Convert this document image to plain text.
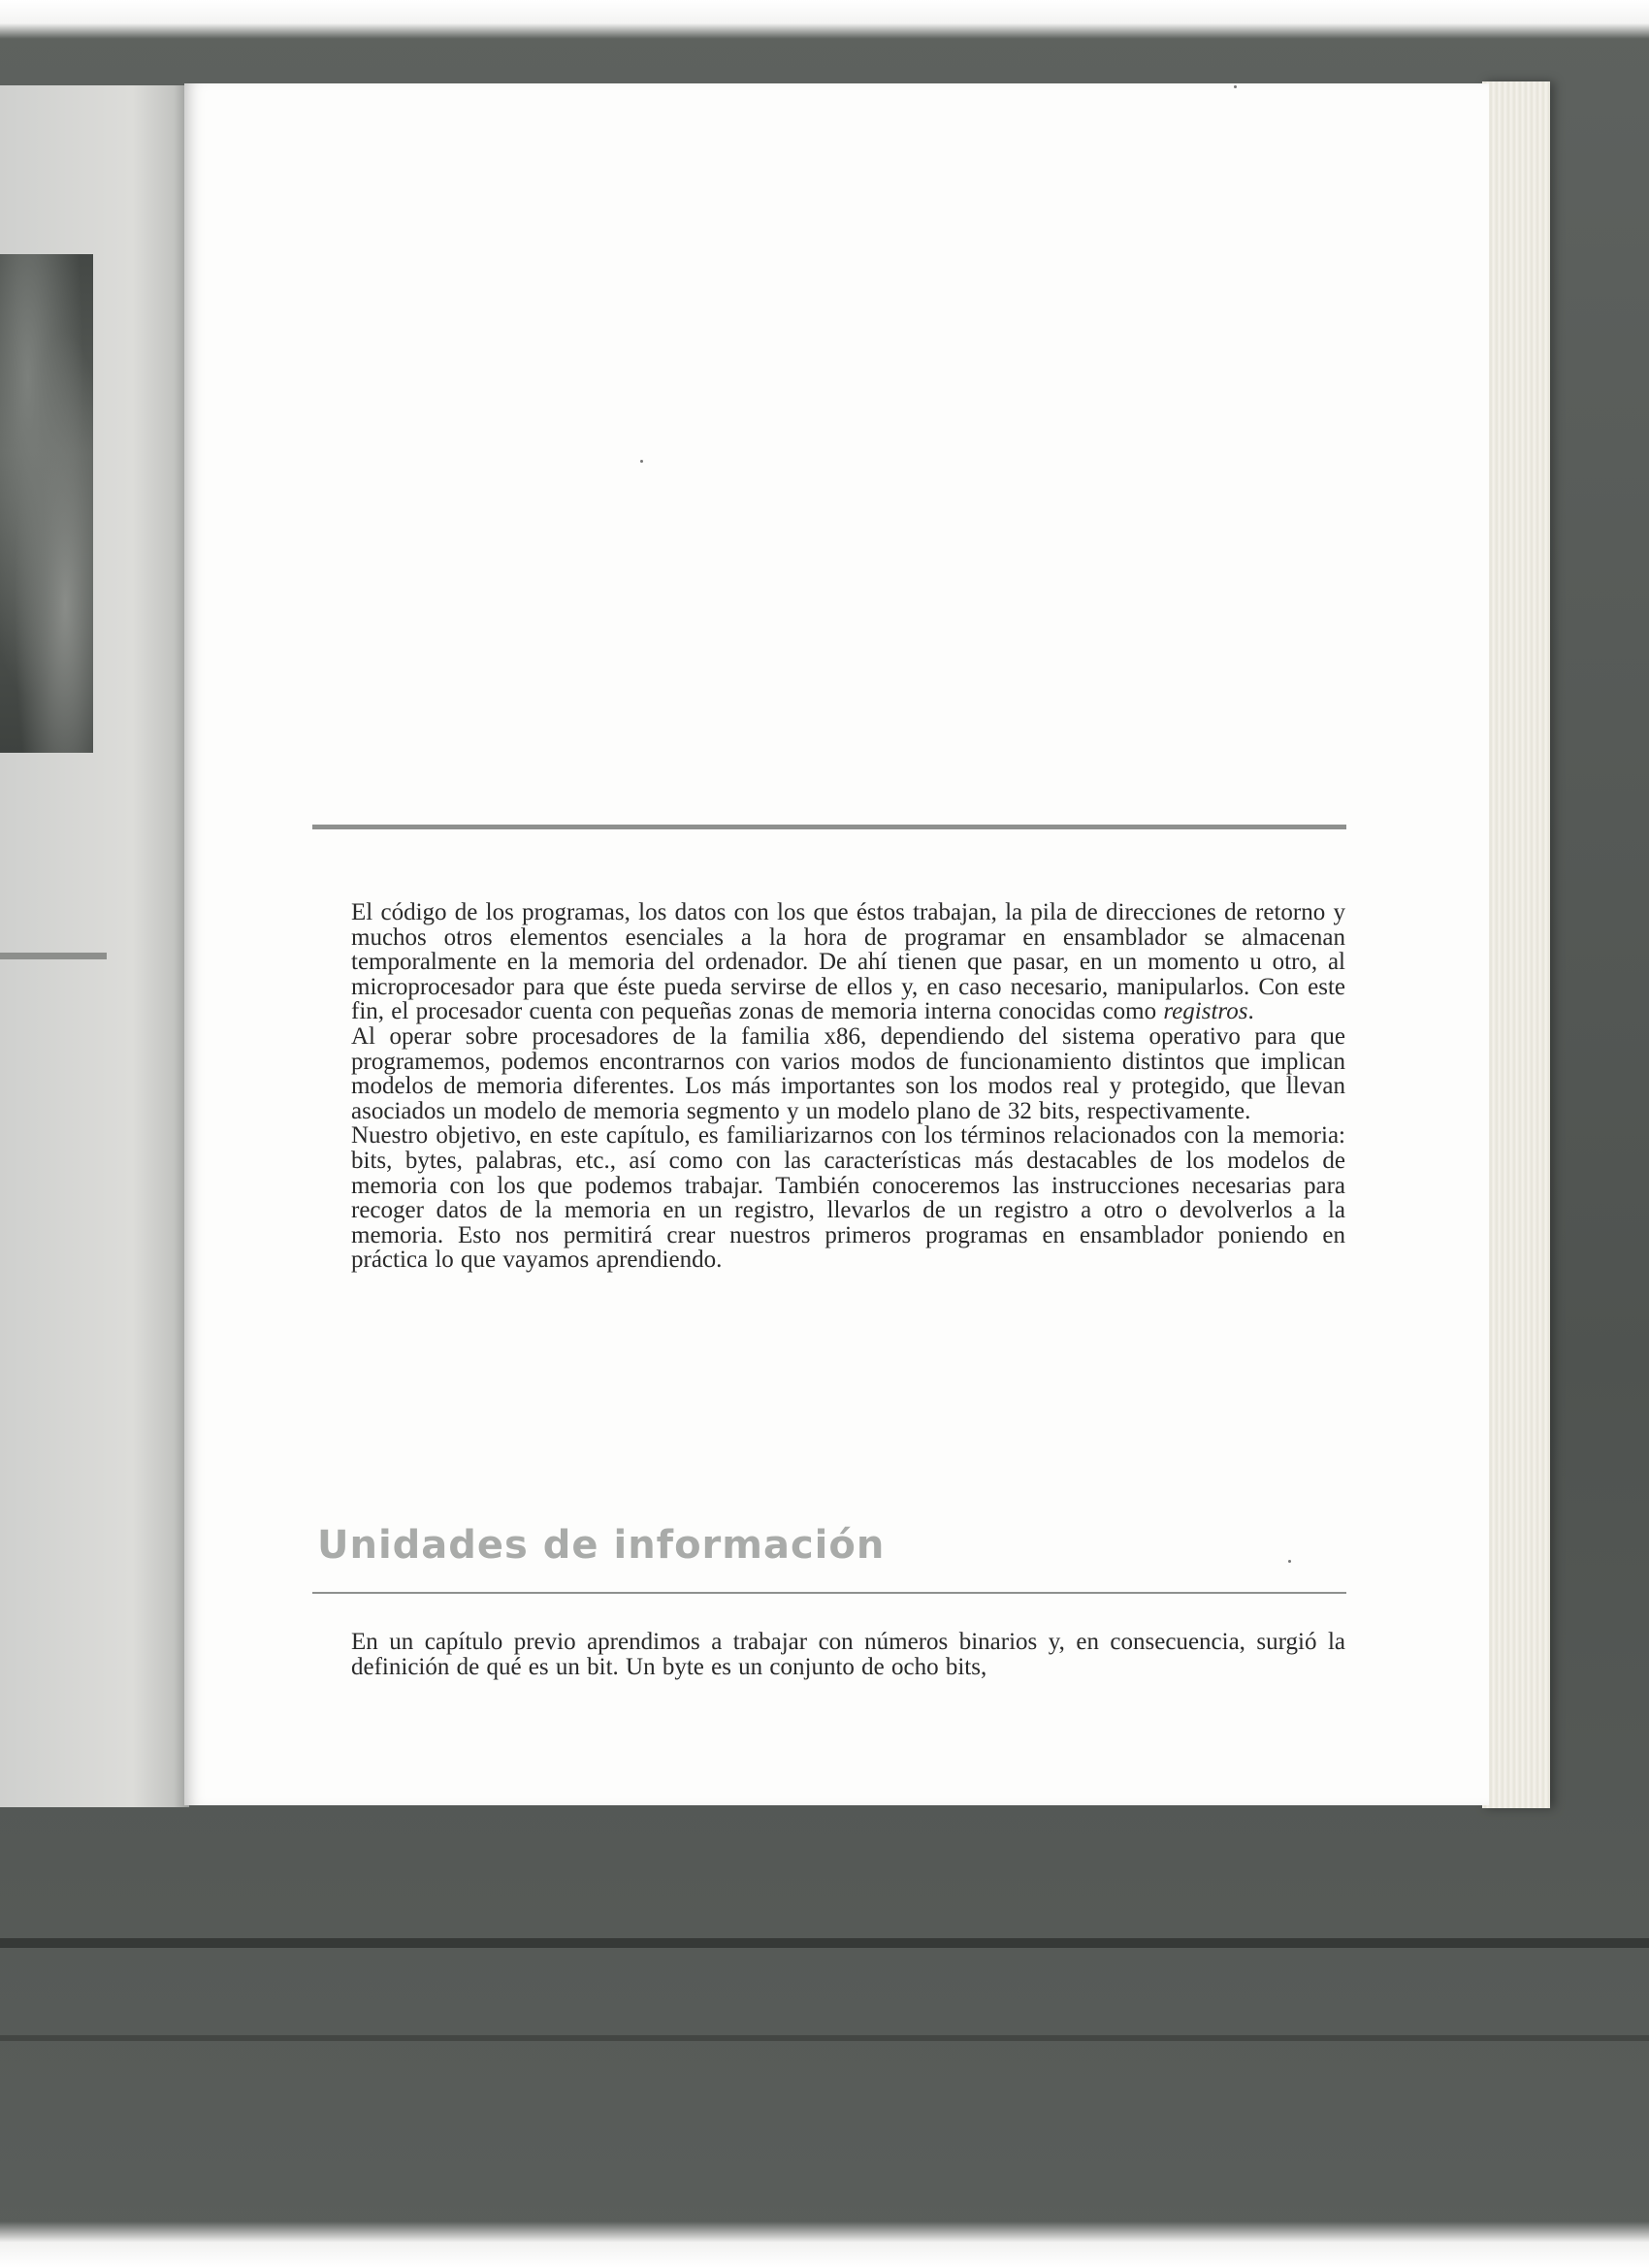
El código de los programas, los datos con los que éstos trabajan, la pila de direcciones de retorno y muchos otros elementos esenciales a la hora de programar en ensamblador se almacenan temporalmente en la memoria del ordenador. De ahí tienen que pasar, en un momento u otro, al microprocesador para que éste pueda servirse de ellos y, en caso necesario, manipularlos. Con este fin, el procesador cuenta con pequeñas zonas de memoria interna conocidas como registros.

Al operar sobre procesadores de la familia x86, dependiendo del sistema operativo para que programemos, podemos encontrarnos con varios modos de funcionamiento distintos que implican modelos de memoria diferentes. Los más importantes son los modos real y protegido, que llevan asociados un modelo de memoria segmento y un modelo plano de 32 bits, respectivamente.

Nuestro objetivo, en este capítulo, es familiarizarnos con los términos relacionados con la memoria: bits, bytes, palabras, etc., así como con las características más destacables de los modelos de memoria con los que podemos trabajar. También conoceremos las instrucciones necesarias para recoger datos de la memoria en un registro, llevarlos de un registro a otro o devolverlos a la memoria. Esto nos permitirá crear nuestros primeros programas en ensamblador poniendo en práctica lo que vayamos aprendiendo.

Unidades de información

En un capítulo previo aprendimos a trabajar con números binarios y, en consecuencia, surgió la definición de qué es un bit. Un byte es un conjunto de ocho bits,
